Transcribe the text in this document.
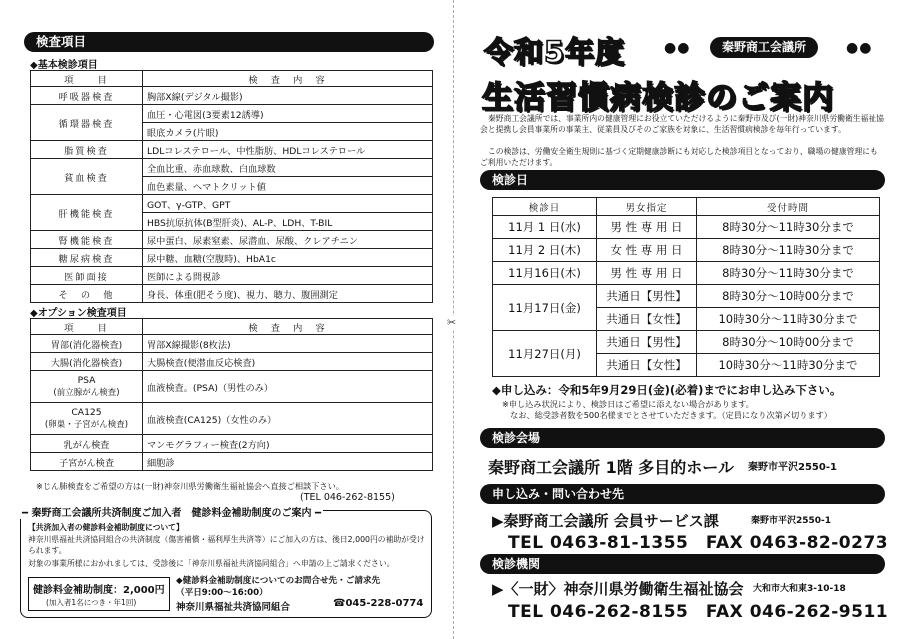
検査項目
◆基本検診項目
項　　目	検　査　内　容
呼吸器検査	胸部X線(デジタル撮影)
循環器検査	血圧・心電図(3要素12誘導)
	眼底カメラ(片眼)
脂質検査	LDLコレステロール、中性脂肪、HDLコレステロール
貧血検査	全血比重、赤血球数、白血球数
	血色素量、ヘマトクリット値
肝機能検査	GOT、γ-GTP、GPT
	HBS抗原抗体(B型肝炎)、AL-P、LDH、T-BIL
腎機能検査	尿中蛋白、尿素窒素、尿潜血、尿酸、クレアチニン
糖尿病検査	尿中糖、血糖(空腹時)、HbA1c
医師面接	医師による問視診
そ　の　他	身長、体重(肥そう度)、視力、聴力、腹囲測定
◆オプション検査項目
項　　目	検　査　内　容

胃部(消化器検査)	胃部X線撮影(8枚法)

大腸(消化器検査)	大腸検査(便潜血反応検査)

PSA
(前立腺がん検査)	血液検査。(PSA)（男性のみ）

CA125
(卵巣・子宮がん検査)	血液検査(CA125)（女性のみ）

乳がん検査	マンモグラフィー検査(2方向)

子宮がん検査	細胞診
※じん肺検査をご希望の方は(一財)神奈川県労働衛生福祉協会へ直接ご相談下さい。
(TEL 046-262-8155)
━ 秦野商工会議所共済制度ご加入者　健診料金補助制度のご案内 ━
【共済加入者の健診料金補助制度について】
神奈川県福祉共済協同組合の共済制度（傷害補償・福利厚生共済等）にご加入の方は、後日2,000円の補助が受けられます。
対象の事業所様におかれましては、受診後に「神奈川県福祉共済協同組合」へ申請の上ご請求ください。
健診料金補助制度：2,000円
(加入者1名につき・年1回)
◆健診料金補助制度についてのお問合せ先・ご請求先
（平日9:00～16:00）
神奈川県福祉共済協同組合	☎045-228-0774
✂
令和5年度	●●	秦野商工会議所	●●
生活習慣病検診のご案内
秦野商工会議所では、事業所内の健康管理にお役立ていただけるように秦野市及び(一財)神奈川県労働衛生福祉協会と提携し会員事業所の事業主、従業員及びそのご家族を対象に、生活習慣病検診を毎年行っています。
この検診は、労働安全衛生規則に基づく定期健康診断にも対応した検診項目となっており、職場の健康管理にもご利用いただけます。
検診日
検診日	男女指定	受付時間
11月 1 日(水)	男 性 専 用 日	8時30分～11時30分まで
11月 2 日(木)	女 性 専 用 日	8時30分～11時30分まで
11月16日(木)	男 性 専 用 日	8時30分～11時30分まで
11月17日(金)	共通日【男性】	8時30分～10時00分まで
	共通日【女性】	10時30分～11時30分まで
11月27日(月)	共通日【男性】	8時30分～10時00分まで
	共通日【女性】	10時30分～11時30分まで
◆申し込み：令和5年9月29日(金)(必着)までにお申し込み下さい。
※申し込み状況により、検診日はご希望に添えない場合があります。
なお、総受診者数を500名様までとさせていただきます。（定員になり次第〆切ります）
検診会場
秦野商工会議所 1階 多目的ホール 秦野市平沢2550-1
申し込み・問い合わせ先
▶秦野商工会議所 会員サービス課	秦野市平沢2550-1
TEL 0463-81-1355　FAX 0463-82-0273
検診機関
▶〈一財〉神奈川県労働衛生福祉協会 大和市大和東3-10-18
TEL 046-262-8155　FAX 046-262-9511
